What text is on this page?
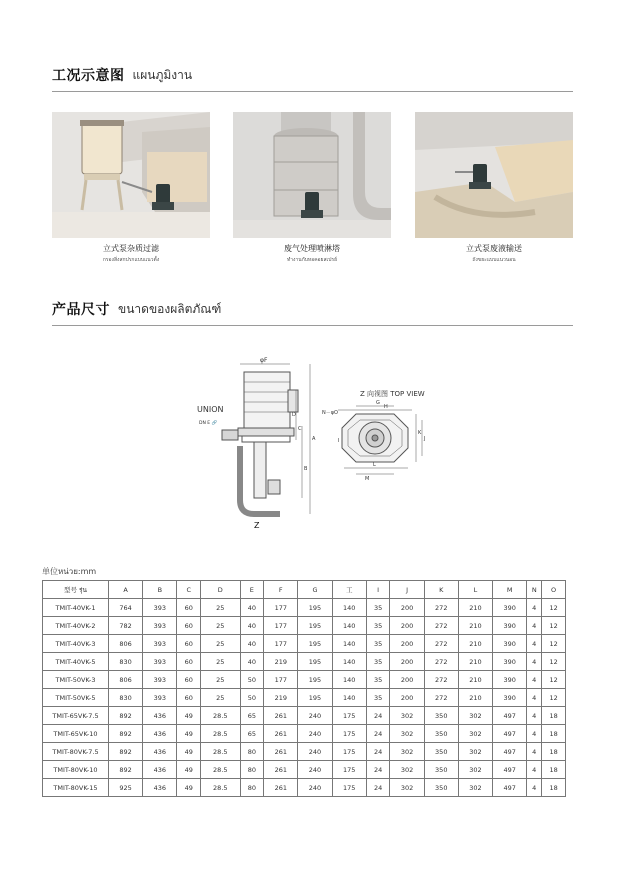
工况示意图 แผนภูมิงาน
立式泵杂质过滤
กรองสิ่งสกปรกแบบแนวตั้ง
废气处理喷淋塔
ทำงานกับหอคอยสเปรย์
立式泵废液输送
ถังขยะแบบแนวนอน
产品尺寸 ขนาดของผลิตภัณฑ์
φF
UNION
DN E 🔗
Z
A
B
C
D
Z 向视图 TOP VIEW
G
H
N－φO
J
K
L
M
I
单位หน่วย:mm
型号 รุ่น	A	B	C	D	E	F	G	工	I	J	K	L	M	N	O
TMIT-40VK-1	764	393	60	25	40	177	195	140	35	200	272	210	390	4	12
TMIT-40VK-2	782	393	60	25	40	177	195	140	35	200	272	210	390	4	12
TMIT-40VK-3	806	393	60	25	40	177	195	140	35	200	272	210	390	4	12
TMIT-40VK-5	830	393	60	25	40	219	195	140	35	200	272	210	390	4	12
TMIT-50VK-3	806	393	60	25	50	177	195	140	35	200	272	210	390	4	12
TMIT-50VK-5	830	393	60	25	50	219	195	140	35	200	272	210	390	4	12
TMIT-65VK-7.5	892	436	49	28.5	65	261	240	175	24	302	350	302	497	4	18
TMIT-65VK-10	892	436	49	28.5	65	261	240	175	24	302	350	302	497	4	18
TMIT-80VK-7.5	892	436	49	28.5	80	261	240	175	24	302	350	302	497	4	18
TMIT-80VK-10	892	436	49	28.5	80	261	240	175	24	302	350	302	497	4	18
TMIT-80VK-15	925	436	49	28.5	80	261	240	175	24	302	350	302	497	4	18
